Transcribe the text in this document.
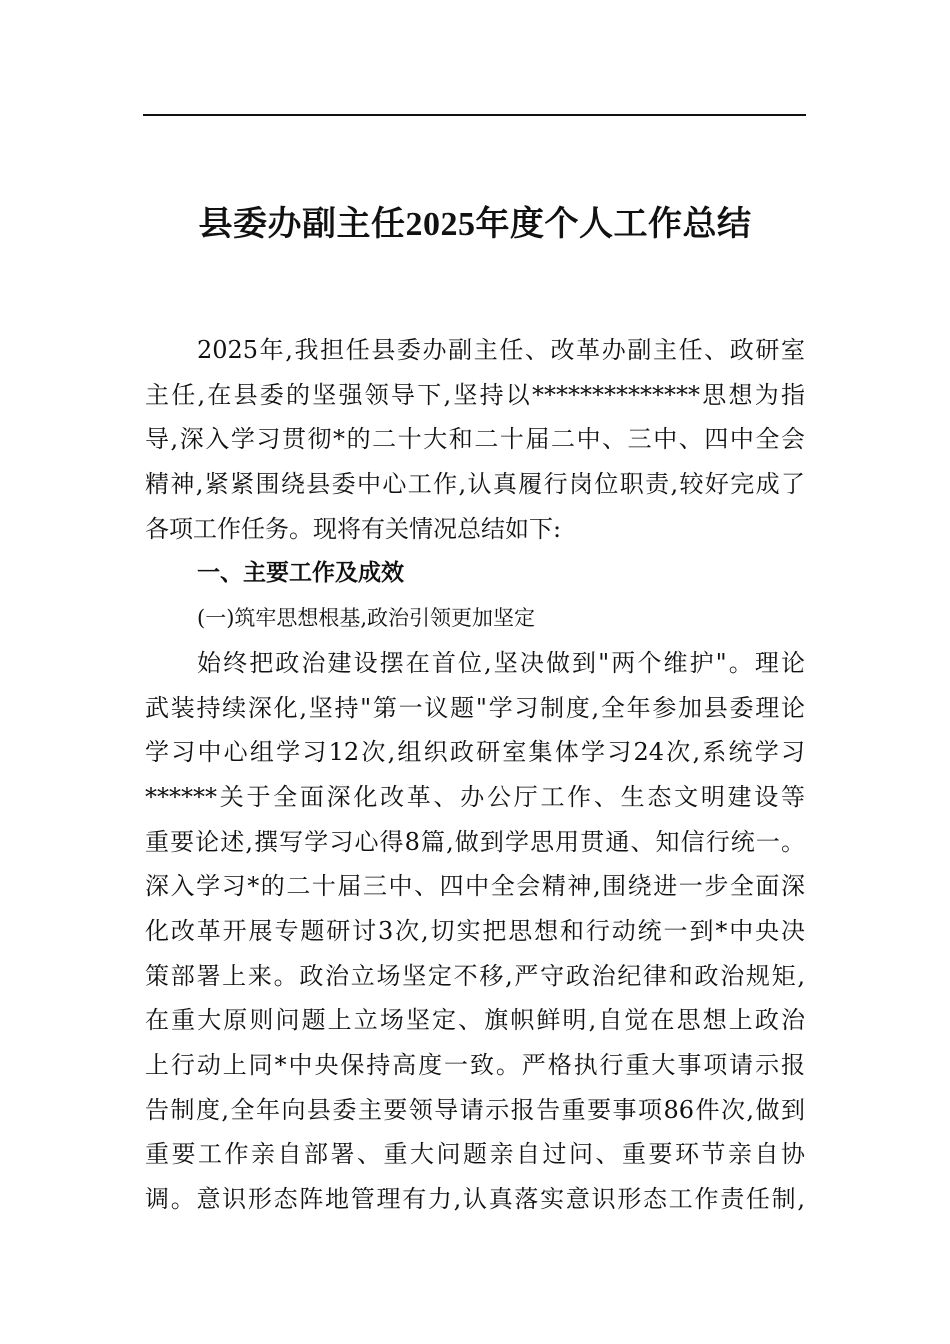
县委办副主任2025年度个人工作总结
2025年,我担任县委办副主任、改革办副主任、政研室
主任,在县委的坚强领导下,坚持以**************思想为指
导,深入学习贯彻*的二十大和二十届二中、三中、四中全会
精神,紧紧围绕县委中心工作,认真履行岗位职责,较好完成了
各项工作任务。现将有关情况总结如下:
一、主要工作及成效
(一)筑牢思想根基,政治引领更加坚定
始终把政治建设摆在首位,坚决做到"两个维护"。理论
武装持续深化,坚持"第一议题"学习制度,全年参加县委理论
学习中心组学习12次,组织政研室集体学习24次,系统学习
******关于全面深化改革、办公厅工作、生态文明建设等
重要论述,撰写学习心得8篇,做到学思用贯通、知信行统一。
深入学习*的二十届三中、四中全会精神,围绕进一步全面深
化改革开展专题研讨3次,切实把思想和行动统一到*中央决
策部署上来。政治立场坚定不移,严守政治纪律和政治规矩,
在重大原则问题上立场坚定、旗帜鲜明,自觉在思想上政治
上行动上同*中央保持高度一致。严格执行重大事项请示报
告制度,全年向县委主要领导请示报告重要事项86件次,做到
重要工作亲自部署、重大问题亲自过问、重要环节亲自协
调。意识形态阵地管理有力,认真落实意识形态工作责任制,
